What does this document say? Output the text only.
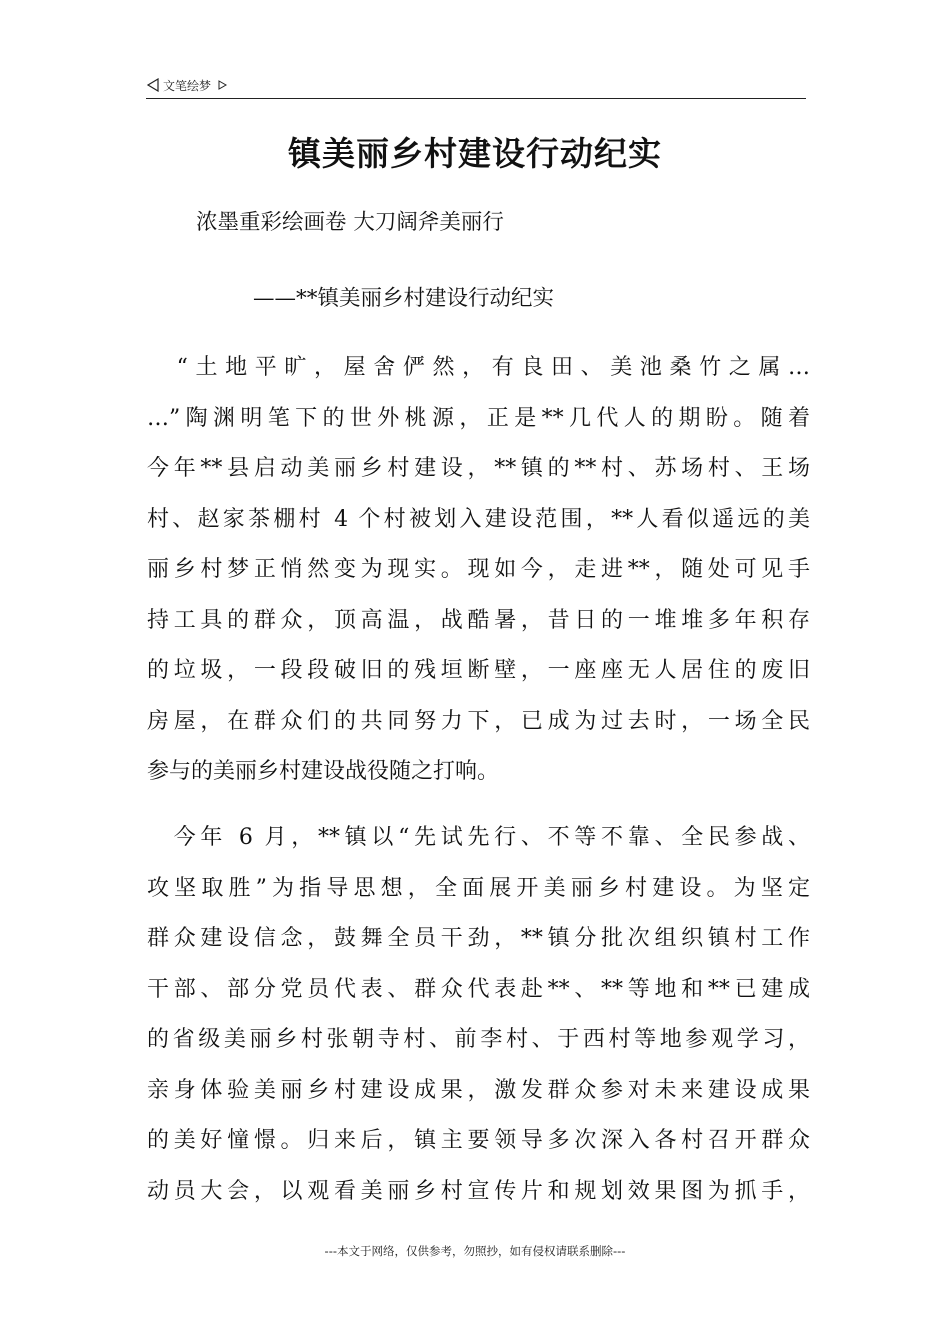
文笔绘梦
镇美丽乡村建设行动纪实

浓墨重彩绘画卷 大刀阔斧美丽行

——**镇美丽乡村建设行动纪实

　“土地平旷，屋舍俨然，有良田、美池桑竹之属…
…”陶渊明笔下的世外桃源，正是**几代人的期盼。随着
今年**县启动美丽乡村建设，**镇的**村、苏场村、王场
村、赵家茶棚村 4 个村被划入建设范围，**人看似遥远的美
丽乡村梦正悄然变为现实。现如今，走进**，随处可见手
持工具的群众，顶高温，战酷暑，昔日的一堆堆多年积存
的垃圾，一段段破旧的残垣断壁，一座座无人居住的废旧
房屋，在群众们的共同努力下，已成为过去时，一场全民
参与的美丽乡村建设战役随之打响。
　今年 6 月，**镇以“先试先行、不等不靠、全民参战、
攻坚取胜”为指导思想，全面展开美丽乡村建设。为坚定
群众建设信念，鼓舞全员干劲，**镇分批次组织镇村工作
干部、部分党员代表、群众代表赴**、**等地和**已建成
的省级美丽乡村张朝寺村、前李村、于西村等地参观学习，
亲身体验美丽乡村建设成果，激发群众参对未来建设成果
的美好憧憬。归来后，镇主要领导多次深入各村召开群众
动员大会，以观看美丽乡村宣传片和规划效果图为抓手，

---本文于网络，仅供参考，勿照抄，如有侵权请联系删除---
